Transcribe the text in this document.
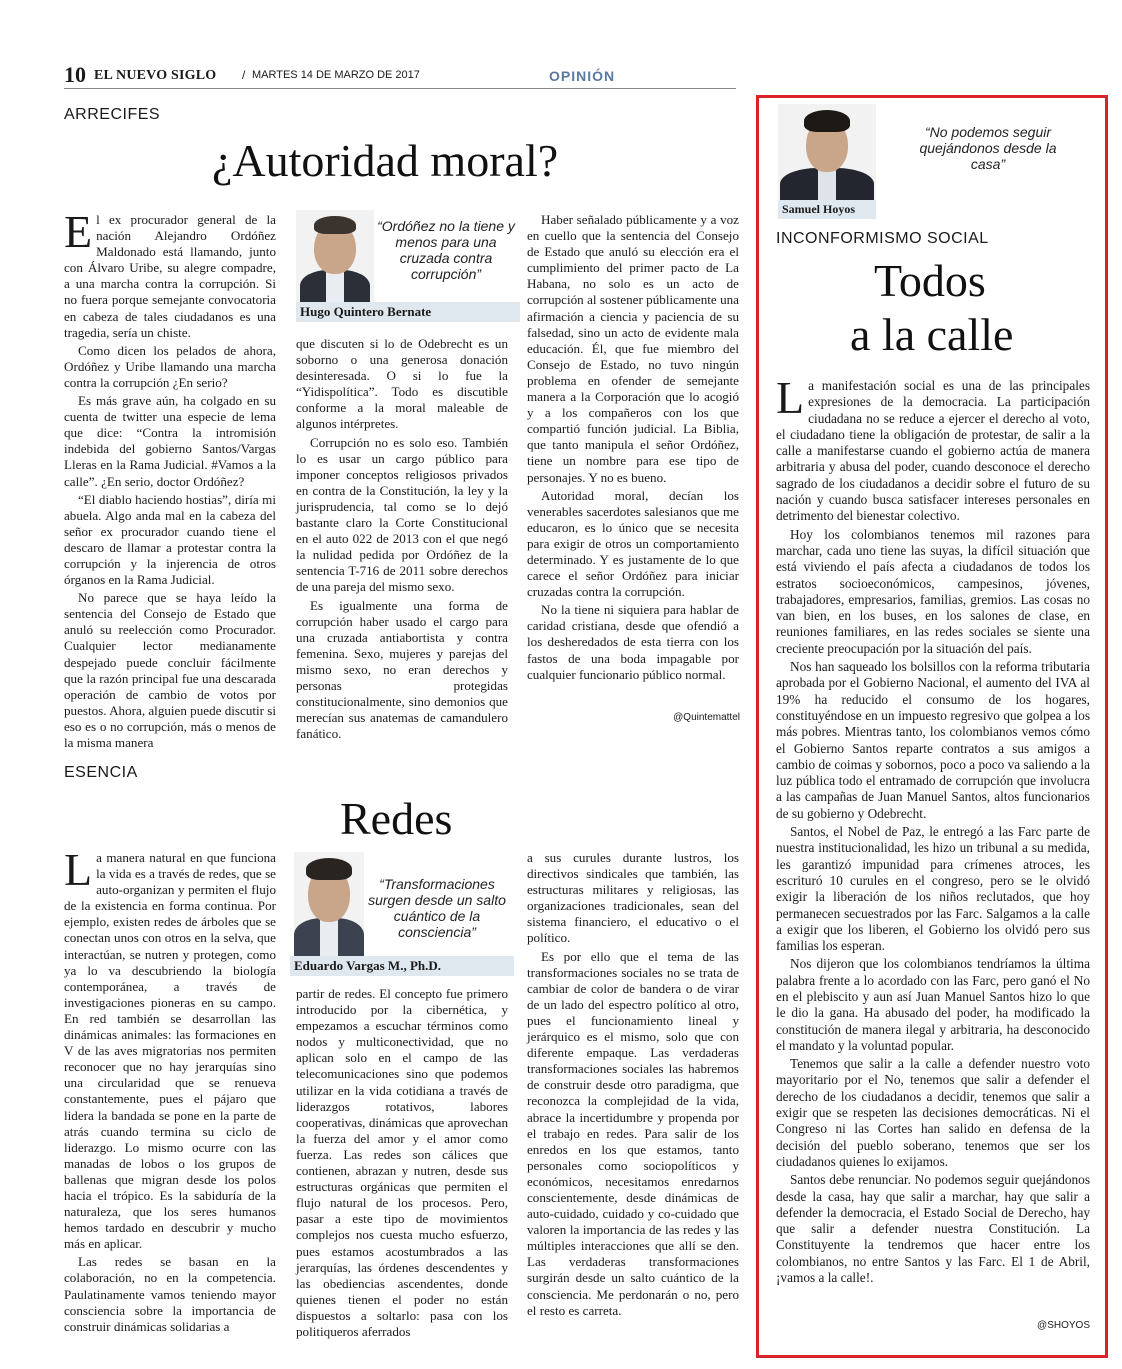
10 EL NUEVO SIGLO / MARTES 14 DE MARZO DE 2017	OPINIÓN
ARRECIFES
¿Autoridad moral?
“Ordóñez no la tiene y menos para una cruzada contra corrupción”
Hugo Quintero Bernate

El ex procurador general de la nación Alejandro Ordóñez Maldonado está llamando, junto con Álvaro Uribe, su alegre compadre, a una marcha contra la corrupción. Si no fuera porque semejante convocatoria en cabeza de tales ciudadanos es una tragedia, sería un chiste.

Como dicen los pelados de ahora, Ordóñez y Uribe llamando una marcha contra la corrupción ¿En serio?

Es más grave aún, ha colgado en su cuenta de twitter una especie de lema que dice: “Contra la intromisión indebida del gobierno Santos/Vargas Lleras en la Rama Judicial. #Vamos a la calle”. ¿En serio, doctor Ordóñez?

“El diablo haciendo hostias”, diría mi abuela. Algo anda mal en la cabeza del señor ex procurador cuando tiene el descaro de llamar a protestar contra la corrupción y la injerencia de otros órganos en la Rama Judicial.

No parece que se haya leído la sentencia del Consejo de Estado que anuló su reelección como Procurador. Cualquier lector medianamente despejado puede concluir fácilmente que la razón principal fue una descarada operación de cambio de votos por puestos. Ahora, alguien puede discutir si eso es o no corrupción, más o menos de la misma manera

que discuten si lo de Odebrecht es un soborno o una generosa donación desinteresada. O si lo fue la “Yidispolítica”. Todo es discutible conforme a la moral maleable de algunos intérpretes.

Corrupción no es solo eso. También lo es usar un cargo público para imponer conceptos religiosos privados en contra de la Constitución, la ley y la jurisprudencia, tal como se lo dejó bastante claro la Corte Constitucional en el auto 022 de 2013 con el que negó la nulidad pedida por Ordóñez de la sentencia T-716 de 2011 sobre derechos de una pareja del mismo sexo.

Es igualmente una forma de corrupción haber usado el cargo para una cruzada antiabortista y contra femenina. Sexo, mujeres y parejas del mismo sexo, no eran derechos y personas protegidas constitucionalmente, sino demonios que merecían sus anatemas de camandulero fanático.

Haber señalado públicamente y a voz en cuello que la sentencia del Consejo de Estado que anuló su elección era el cumplimiento del primer pacto de La Habana, no solo es un acto de corrupción al sostener públicamente una afirmación a ciencia y paciencia de su falsedad, sino un acto de evidente mala educación. Él, que fue miembro del Consejo de Estado, no tuvo ningún problema en ofender de semejante manera a la Corporación que lo acogió y a los compañeros con los que compartió función judicial. La Biblia, que tanto manipula el señor Ordóñez, tiene un nombre para ese tipo de personajes. Y no es bueno.

Autoridad moral, decían los venerables sacerdotes salesianos que me educaron, es lo único que se necesita para exigir de otros un comportamiento determinado. Y es justamente de lo que carece el señor Ordóñez para iniciar cruzadas contra la corrupción.

No la tiene ni siquiera para hablar de caridad cristiana, desde que ofendió a los desheredados de esta tierra con los fastos de una boda impagable por cualquier funcionario público normal.

@Quintemattel
ESENCIA
Redes
“Transformaciones surgen desde un salto cuántico de la consciencia”
Eduardo Vargas M., Ph.D.

La manera natural en que funciona la vida es a través de redes, que se auto-organizan y permiten el flujo de la existencia en forma continua. Por ejemplo, existen redes de árboles que se conectan unos con otros en la selva, que interactúan, se nutren y protegen, como ya lo va descubriendo la biología contemporánea, a través de investigaciones pioneras en su campo. En red también se desarrollan las dinámicas animales: las formaciones en V de las aves migratorias nos permiten reconocer que no hay jerarquías sino una circularidad que se renueva constantemente, pues el pájaro que lidera la bandada se pone en la parte de atrás cuando termina su ciclo de liderazgo. Lo mismo ocurre con las manadas de lobos o los grupos de ballenas que migran desde los polos hacia el trópico. Es la sabiduría de la naturaleza, que los seres humanos hemos tardado en descubrir y mucho más en aplicar.

Las redes se basan en la colaboración, no en la competencia. Paulatinamente vamos teniendo mayor consciencia sobre la importancia de construir dinámicas solidarias a

partir de redes. El concepto fue primero introducido por la cibernética, y empezamos a escuchar términos como nodos y multiconectividad, que no aplican solo en el campo de las telecomunicaciones sino que podemos utilizar en la vida cotidiana a través de liderazgos rotativos, labores cooperativas, dinámicas que aprovechan la fuerza del amor y el amor como fuerza. Las redes son cálices que contienen, abrazan y nutren, desde sus estructuras orgánicas que permiten el flujo natural de los procesos. Pero, pasar a este tipo de movimientos complejos nos cuesta mucho esfuerzo, pues estamos acostumbrados a las jerarquías, las órdenes descendentes y las obediencias ascendentes, donde quienes tienen el poder no están dispuestos a soltarlo: pasa con los politiqueros aferrados

a sus curules durante lustros, los directivos sindicales que también, las estructuras militares y religiosas, las organizaciones tradicionales, sean del sistema financiero, el educativo o el político.

Es por ello que el tema de las transformaciones sociales no se trata de cambiar de color de bandera o de virar de un lado del espectro político al otro, pues el funcionamiento lineal y jerárquico es el mismo, solo que con diferente empaque. Las verdaderas transformaciones sociales las habremos de construir desde otro paradigma, que reconozca la complejidad de la vida, abrace la incertidumbre y propenda por el trabajo en redes. Para salir de los enredos en los que estamos, tanto personales como sociopolíticos y económicos, necesitamos enredarnos conscientemente, desde dinámicas de auto-cuidado, cuidado y co-cuidado que valoren la importancia de las redes y las múltiples interacciones que allí se den. Las verdaderas transformaciones surgirán desde un salto cuántico de la consciencia. Me perdonarán o no, pero el resto es carreta.

Samuel Hoyos
“No podemos seguir quejándonos desde la casa”
INCONFORMISMO SOCIAL
Todos
a la calle

La manifestación social es una de las principales expresiones de la democracia. La participación ciudadana no se reduce a ejercer el derecho al voto, el ciudadano tiene la obligación de protestar, de salir a la calle a manifestarse cuando el gobierno actúa de manera arbitraria y abusa del poder, cuando desconoce el derecho sagrado de los ciudadanos a decidir sobre el futuro de su nación y cuando busca satisfacer intereses personales en detrimento del bienestar colectivo.

Hoy los colombianos tenemos mil razones para marchar, cada uno tiene las suyas, la difícil situación que está viviendo el país afecta a ciudadanos de todos los estratos socioeconómicos, campesinos, jóvenes, trabajadores, empresarios, familias, gremios. Las cosas no van bien, en los buses, en los salones de clase, en reuniones familiares, en las redes sociales se siente una creciente preocupación por la situación del país.

Nos han saqueado los bolsillos con la reforma tributaria aprobada por el Gobierno Nacional, el aumento del IVA al 19% ha reducido el consumo de los hogares, constituyéndose en un impuesto regresivo que golpea a los más pobres. Mientras tanto, los colombianos vemos cómo el Gobierno Santos reparte contratos a sus amigos a cambio de coimas y sobornos, poco a poco va saliendo a la luz pública todo el entramado de corrupción que involucra a las campañas de Juan Manuel Santos, altos funcionarios de su gobierno y Odebrecht.

Santos, el Nobel de Paz, le entregó a las Farc parte de nuestra institucionalidad, les hizo un tribunal a su medida, les garantizó impunidad para crímenes atroces, les escrituró 10 curules en el congreso, pero se le olvidó exigir la liberación de los niños reclutados, que hoy permanecen secuestrados por las Farc. Salgamos a la calle a exigir que los liberen, el Gobierno los olvidó pero sus familias los esperan.

Nos dijeron que los colombianos tendríamos la última palabra frente a lo acordado con las Farc, pero ganó el No en el plebiscito y aun así Juan Manuel Santos hizo lo que le dio la gana. Ha abusado del poder, ha modificado la constitución de manera ilegal y arbitraria, ha desconocido el mandato y la voluntad popular.

Tenemos que salir a la calle a defender nuestro voto mayoritario por el No, tenemos que salir a defender el derecho de los ciudadanos a decidir, tenemos que salir a exigir que se respeten las decisiones democráticas. Ni el Congreso ni las Cortes han salido en defensa de la decisión del pueblo soberano, tenemos que ser los ciudadanos quienes lo exijamos.

Santos debe renunciar. No podemos seguir quejándonos desde la casa, hay que salir a marchar, hay que salir a defender la democracia, el Estado Social de Derecho, hay que salir a defender nuestra Constitución. La Constituyente la tendremos que hacer entre los colombianos, no entre Santos y las Farc. El 1 de Abril, ¡vamos a la calle!.

@SHOYOS
